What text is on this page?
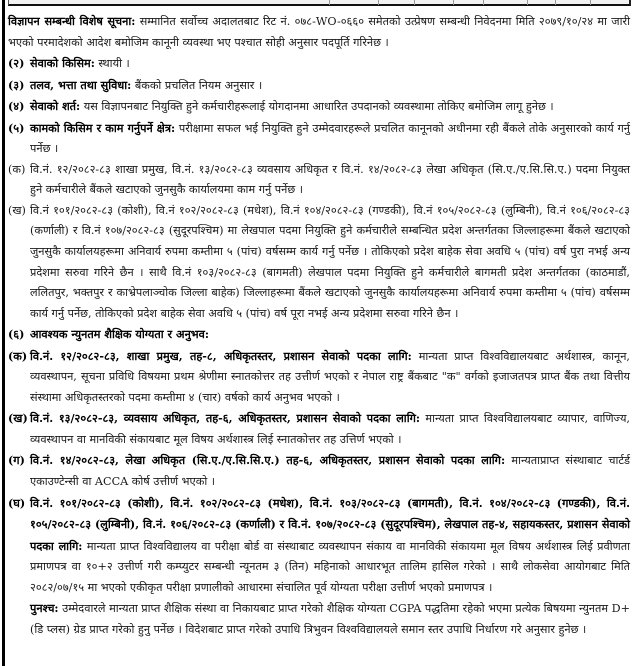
विज्ञापन सम्बन्धी विशेष सूचना: सम्मानित सर्वोच्च अदालतबाट रिट नं. ०७८-WO-०६६० समेतको उत्प्रेषण सम्बन्धी निवेदनमा मिति २०७९/१०/२४ मा जारी भएको परमादेशको आदेश बमोजिम कानूनी व्यवस्था भए पश्चात सोही अनुसार पदपूर्ति गरिनेछ ।

(२) सेवाको किसिम: स्थायी ।
(३) तलव, भत्ता तथा सुविधा: बैंकको प्रचलित नियम अनुसार ।
(४) सेवाको शर्त: यस विज्ञापनबाट नियुक्ति हुने कर्मचारीहरूलाई योगदानमा आधारित उपदानको व्यवस्थामा तोकिए बमोजिम लागू हुनेछ ।
(५) कामको किसिम र काम गर्नुपर्ने क्षेत्र: परीक्षामा सफल भई नियुक्ति हुने उम्मेदवारहरूले प्रचलित कानूनको अधीनमा रही बैंकले तोके अनुसारको कार्य गर्नु पर्नेछ ।
(क) वि.नं. १२/२०८२-८३ शाखा प्रमुख, वि.नं. १३/२०८२-८३ व्यवसाय अधिकृत र वि.नं. १४/२०८२-८३ लेखा अधिकृत (सि.ए./ए.सि.सि.ए.) पदमा नियुक्त हुने कर्मचारीले बैंकले खटाएको जुनसुकै कार्यालयमा काम गर्नु पर्नेछ ।
(ख) वि.नं १०१/२०८२-८३ (कोशी), वि.नं १०२/२०८२-८३ (मधेश), वि.नं १०४/२०८२-८३ (गण्डकी), वि.नं १०५/२०८२-८३ (लुम्बिनी), वि.नं १०६/२०८२-८३ (कर्णाली) र वि.नं १०७/२०८२-८३ (सुदूरपश्चिम) मा लेखपाल पदमा नियुक्ति हुने कर्मचारीले सम्बन्धित प्रदेश अन्तर्गतका जिल्लाहरूमा बैंकले खटाएको जुनसुकै कार्यालयहरूमा अनिवार्य रुपमा कम्तीमा ५ (पांच) वर्षसम्म कार्य गर्नु पर्नेछ । तोकिएको प्रदेश बाहेक सेवा अवधि ५ (पांच) वर्ष पुरा नभई अन्य प्रदेशमा सरुवा गरिने छैन । साथै वि.नं १०३/२०८२-८३ (बागमती) लेखपाल पदमा नियुक्ति हुने कर्मचारीले बागमती प्रदेश अन्तर्गतका (काठमाडौं, ललितपुर, भक्तपुर र काभ्रेपलाञ्चोक जिल्ला बाहेक) जिल्लाहरूमा बैंकले खटाएको जुनसुकै कार्यालयहरूमा अनिवार्य रुपमा कम्तीमा ५ (पांच) वर्षसम्म कार्य गर्नु पर्नेछ, तोकिएको प्रदेश बाहेक सेवा अवधि ५ (पांच) वर्ष पूरा नभई अन्य प्रदेशमा सरुवा गरिने छैन ।
(६) आवश्यक न्युनतम शैक्षिक योग्यता र अनुभव:
(क) वि.नं. १२/२०८२-८३, शाखा प्रमुख, तह-८, अधिकृतस्तर, प्रशासन सेवाको पदका लागि: मान्यता प्राप्त विश्वविद्यालयबाट अर्थशास्त्र, कानून, व्यवस्थापन, सूचना प्रविधि विषयमा प्रथम श्रेणीमा स्नातकोत्तर तह उत्तीर्ण भएको र नेपाल राष्ट्र बैंकबाट "क" वर्गको इजाजतपत्र प्राप्त बैंक तथा वित्तीय संस्थामा अधिकृतस्तरको पदमा कम्तीमा ४ (चार) वर्षको कार्य अनुभव भएको ।
(ख) वि.नं. १३/२०८२-८३, व्यवसाय अधिकृत, तह-६, अधिकृतस्तर, प्रशासन सेवाको पदका लागि: मान्यता प्राप्त विश्वविद्यालयबाट व्यापार, वाणिज्य, व्यवस्थापन वा मानविकी संकायबाट मूल विषय अर्थशास्त्र लिई स्नातकोत्तर तह उत्तिर्ण भएको ।
(ग) वि.नं. १४/२०८२-८३, लेखा अधिकृत (सि.ए./ए.सि.सि.ए.) तह-६, अधिकृतस्तर, प्रशासन सेवाको पदका लागि: मान्यताप्राप्त संस्थाबाट चार्टर्ड एकाउण्टेन्सी वा ACCA कोर्ष उत्तीर्ण भएको ।
(घ) वि.नं. १०१/२०८२-८३ (कोशी), वि.नं. १०२/२०८२-८३ (मधेश), वि.नं. १०३/२०८२-८३ (बागमती), वि.नं. १०४/२०८२-८३ (गण्डकी), वि.नं. १०५/२०८२-८३ (लुम्बिनी), वि.नं. १०६/२०८२-८३ (कर्णाली) र वि.नं. १०७/२०८२-८३ (सुदूरपश्चिम), लेखपाल तह-४, सहायकस्तर, प्रशासन सेवाको पदका लागि: मान्यता प्राप्त विश्वविद्यालय वा परीक्षा बोर्ड वा संस्थाबाट व्यवस्थापन संकाय वा मानविकी संकायमा मूल विषय अर्थशास्त्र लिई प्रवीणता प्रमाणपत्र वा १०+२ उत्तीर्ण गरी कम्प्युटर सम्बन्धी न्यूनतम ३ (तिन) महिनाको आधारभूत तालिम हासिल गरेको । साथै लोकसेवा आयोगबाट मिति २०८२/०७/१५ मा भएको एकीकृत परीक्षा प्रणालीको आधारमा संचालित पूर्व योग्यता परीक्षा उत्तीर्ण भएको प्रमाणपत्र ।
पुनश्च: उम्मेदवारले मान्यता प्राप्त शैक्षिक संस्था वा निकायबाट प्राप्त गरेको शैक्षिक योग्यता CGPA पद्धतिमा रहेको भएमा प्रत्येक बिषयमा न्युनतम D+ (डि प्लस) ग्रेड प्राप्त गरेको हुनु पर्नेछ । विदेशबाट प्राप्त गरेको उपाधि त्रिभुवन विश्वविद्यालयले समान स्तर उपाधि निर्धारण गरे अनुसार हुनेछ ।
